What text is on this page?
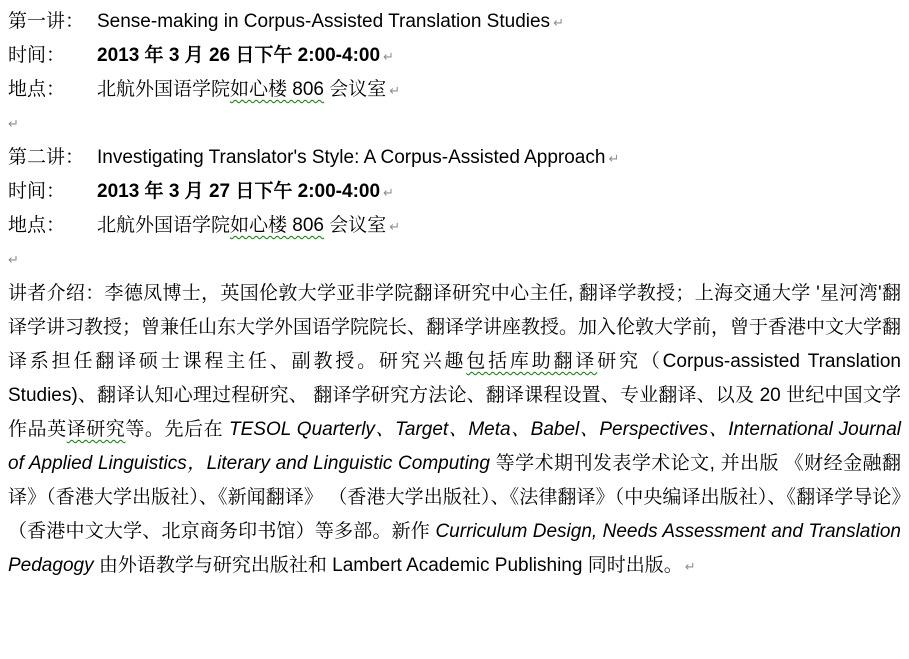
第一讲： Sense-making in Corpus-Assisted Translation Studies ↵
时间：	2013 年 3 月 26 日下午 2:00-4:00 ↵
地点：	北航外国语学院如心楼 806 会议室 ↵
↵
第二讲： Investigating Translator's Style: A Corpus-Assisted Approach ↵
时间：	2013 年 3 月 27 日下午 2:00-4:00 ↵
地点：	北航外国语学院如心楼 806 会议室 ↵
↵

讲者介绍：李德凤博士，英国伦敦大学亚非学院翻译研究中心主任, 翻译学教授；上海交通大学 '星河湾'翻译学讲习教授；曾兼任山东大学外国语学院院长、翻译学讲座教授。加入伦敦大学前，曾于香港中文大学翻译系担任翻译硕士课程主任、副教授。研究兴趣包括库助翻译研究（Corpus-assisted Translation Studies)、翻译认知心理过程研究、 翻译学研究方法论、翻译课程设置、专业翻译、以及 20 世纪中国文学作品英译研究等。先后在 TESOL Quarterly、Target、Meta、Babel、Perspectives、International Journal of Applied Linguistics，Literary and Linguistic Computing 等学术期刊发表学术论文, 并出版 《财经金融翻译》（香港大学出版社）、《新闻翻译》 （香港大学出版社）、《法律翻译》（中央编译出版社）、《翻译学导论》（香港中文大学、北京商务印书馆）等多部。新作 Curriculum Design, Needs Assessment and Translation Pedagogy 由外语教学与研究出版社和 Lambert Academic Publishing 同时出版。 ↵
